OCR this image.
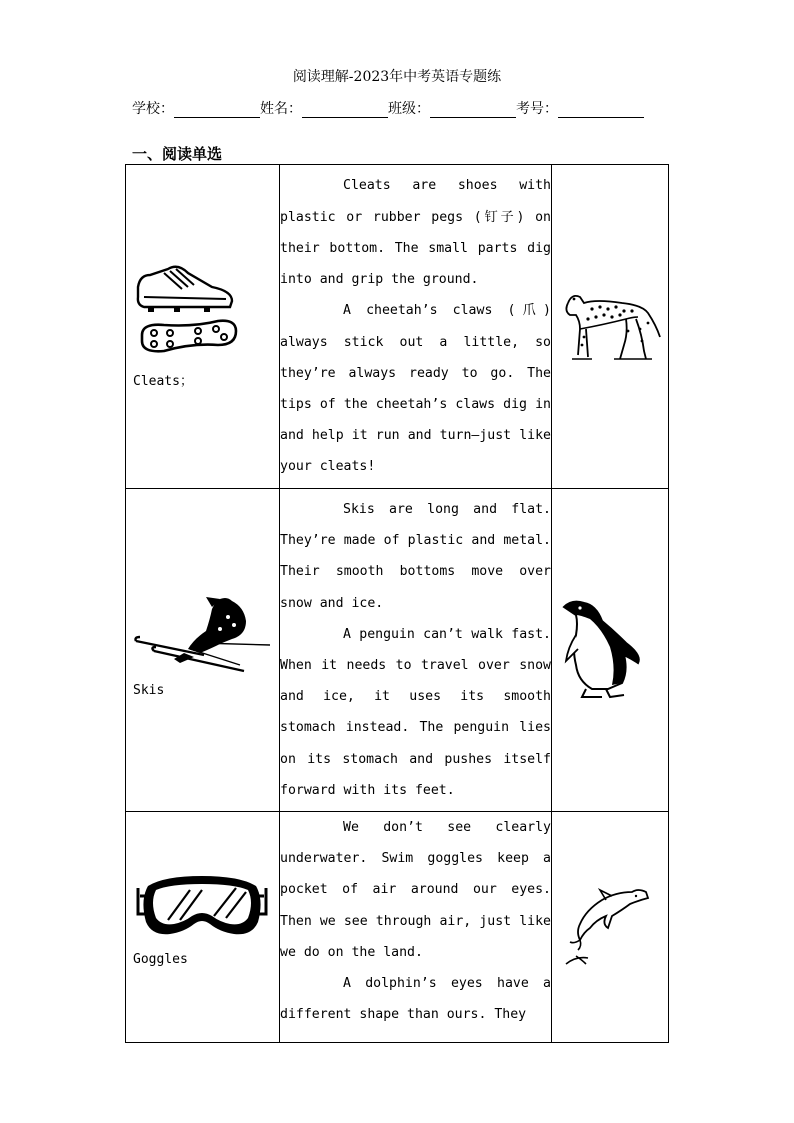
阅读理解-2023年中考英语专题练
学校：	姓名：	班级：	考号：
一、阅读单选
Cleats；	Cleats are shoes with plastic or rubber pegs (钉子) on their bottom. The small parts dig into and grip the ground.

A cheetah’s claws (爪) always stick out a little, so they’re always ready to go. The tips of the cheetah’s claws dig in and help it run and turn—just like your cleats!

Skis	Skis are long and flat. They’re made of plastic and metal. Their smooth bottoms move over snow and ice.

A penguin can’t walk fast. When it needs to travel over snow and ice, it uses its smooth stomach instead. The penguin lies on its stomach and pushes itself forward with its feet.

Goggles	We don’t see clearly underwater. Swim goggles keep a pocket of air around our eyes. Then we see through air, just like we do on the land.

A dolphin’s eyes have a different shape than ours. They
